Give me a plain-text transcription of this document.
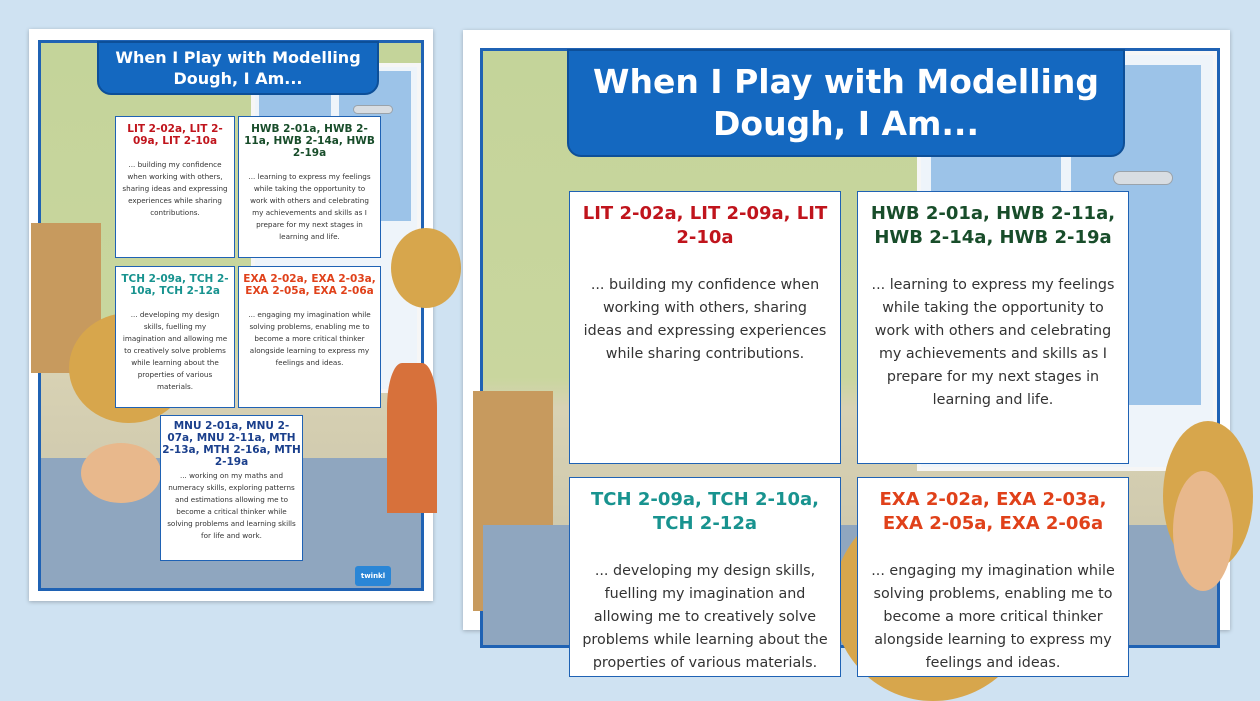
When I Play with Modelling Dough, I Am...
LIT 2-02a, LIT 2-09a, LIT 2-10a
... building my confidence when working with others, sharing ideas and expressing experiences while sharing contributions.
HWB 2-01a, HWB 2-11a, HWB 2-14a, HWB 2-19a
... learning to express my feelings while taking the opportunity to work with others and celebrating my achievements and skills as I prepare for my next stages in learning and life.
TCH 2-09a, TCH 2-10a, TCH 2-12a
... developing my design skills, fuelling my imagination and allowing me to creatively solve problems while learning about the properties of various materials.
EXA 2-02a, EXA 2-03a, EXA 2-05a, EXA 2-06a
... engaging my imagination while solving problems, enabling me to become a more critical thinker alongside learning to express my feelings and ideas.
MNU 2-01a, MNU 2-07a, MNU 2-11a, MTH 2-13a, MTH 2-16a, MTH 2-19a
... working on my maths and numeracy skills, exploring patterns and estimations allowing me to become a critical thinker while solving problems and learning skills for life and work.
twinkl
When I Play with Modelling Dough, I Am...
LIT 2-02a, LIT 2-09a, LIT 2-10a
... building my confidence when working with others, sharing ideas and expressing experiences while sharing contributions.
HWB 2-01a, HWB 2-11a, HWB 2-14a, HWB 2-19a
... learning to express my feelings while taking the opportunity to work with others and celebrating my achievements and skills as I prepare for my next stages in learning and life.
TCH 2-09a, TCH 2-10a, TCH 2-12a
... developing my design skills, fuelling my imagination and allowing me to creatively solve problems while learning about the properties of various materials.
EXA 2-02a, EXA 2-03a, EXA 2-05a, EXA 2-06a
... engaging my imagination while solving problems, enabling me to become a more critical thinker alongside learning to express my feelings and ideas.
